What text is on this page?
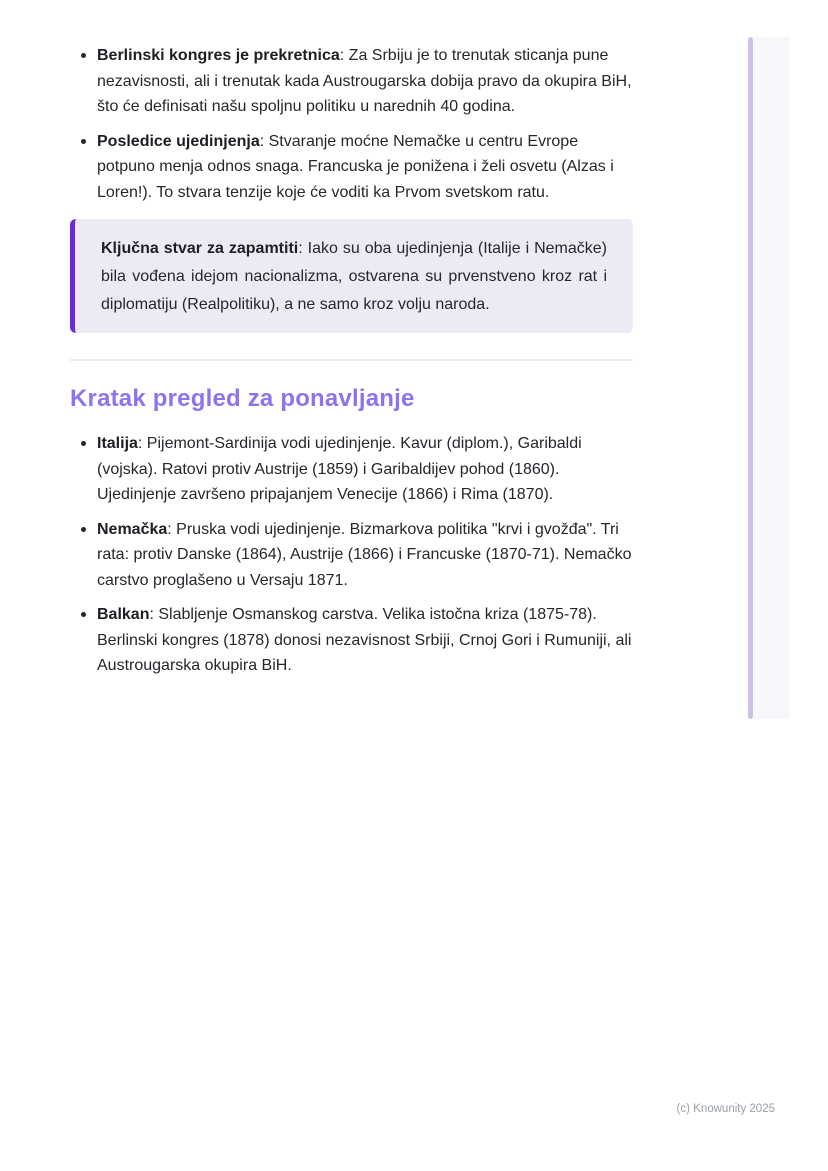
Berlinski kongres je prekretnica: Za Srbiju je to trenutak sticanja pune nezavisnosti, ali i trenutak kada Austrougarska dobija pravo da okupira BiH, što će definisati našu spoljnu politiku u narednih 40 godina.
Posledice ujedinjenja: Stvaranje moćne Nemačke u centru Evrope potpuno menja odnos snaga. Francuska je ponižena i želi osvetu (Alzas i Loren!). To stvara tenzije koje će voditi ka Prvom svetskom ratu.
Ključna stvar za zapamtiti: Iako su oba ujedinjenja (Italije i Nemačke) bila vođena idejom nacionalizma, ostvarena su prvenstveno kroz rat i diplomatiju (Realpolitiku), a ne samo kroz volju naroda.
Kratak pregled za ponavljanje
Italija: Pijemont-Sardinija vodi ujedinjenje. Kavur (diplom.), Garibaldi (vojska). Ratovi protiv Austrije (1859) i Garibaldijev pohod (1860). Ujedinjenje završeno pripajanjem Venecije (1866) i Rima (1870).
Nemačka: Pruska vodi ujedinjenje. Bizmarkova politika "krvi i gvožđa". Tri rata: protiv Danske (1864), Austrije (1866) i Francuske (1870-71). Nemačko carstvo proglašeno u Versaju 1871.
Balkan: Slabljenje Osmanskog carstva. Velika istočna kriza (1875-78). Berlinski kongres (1878) donosi nezavisnost Srbiji, Crnoj Gori i Rumuniji, ali Austrougarska okupira BiH.
(c) Knowunity 2025
